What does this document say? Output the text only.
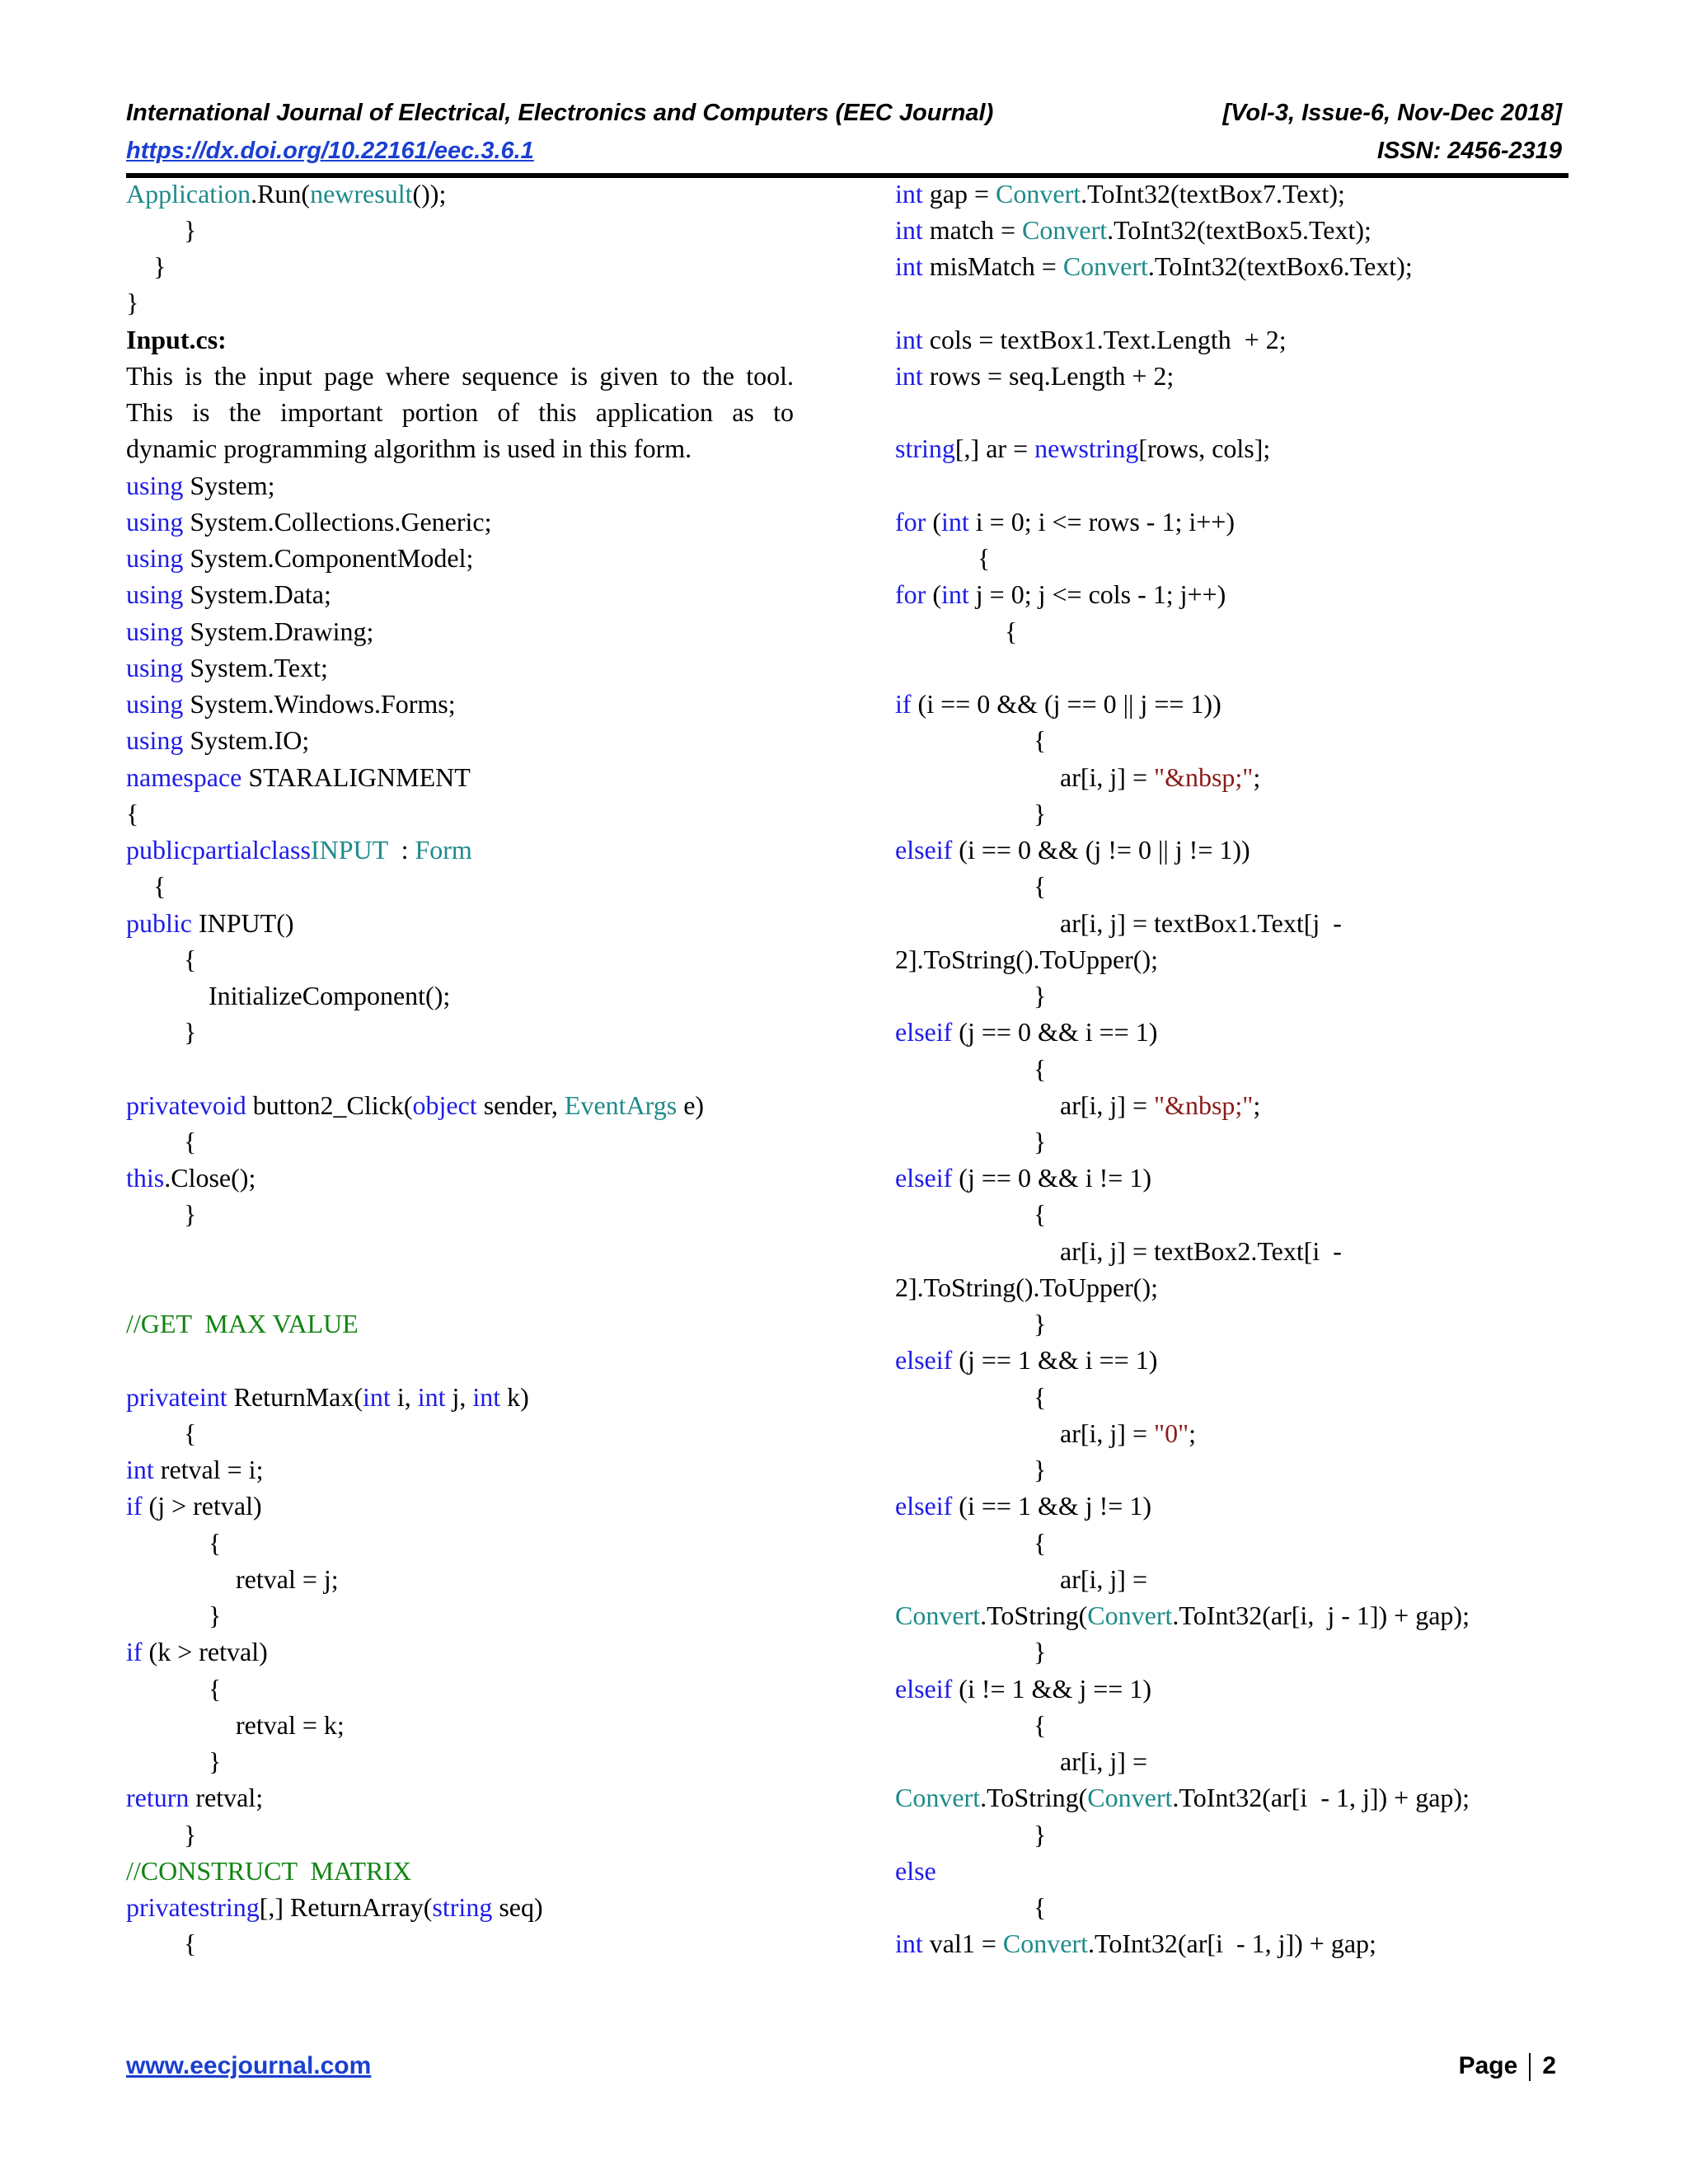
International Journal of Electrical, Electronics and Computers (EEC Journal)	[Vol-3, Issue-6, Nov-Dec 2018]
https://dx.doi.org/10.22161/eec.3.6.1	ISSN: 2456-2319
Application.Run(newresult());
}
}
}
Input.cs:
This is the input page where sequence is given to the tool.
This is the important portion of this application as to
dynamic programming algorithm is used in this form.
using System;
using System.Collections.Generic;
using System.ComponentModel;
using System.Data;
using System.Drawing;
using System.Text;
using System.Windows.Forms;
using System.IO;
namespace STARALIGNMENT
{
publicpartialclassINPUT  : Form
{
public INPUT()
{
InitializeComponent();
}
privatevoid button2_Click(object sender, EventArgs e)
{
this.Close();
}
//GET  MAX VALUE
privateint ReturnMax(int i, int j, int k)
{
int retval = i;
if (j > retval)
{
retval = j;
}
if (k > retval)
{
retval = k;
}
return retval;
}
//CONSTRUCT  MATRIX
privatestring[,] ReturnArray(string seq)
{
int gap = Convert.ToInt32(textBox7.Text);
int match = Convert.ToInt32(textBox5.Text);
int misMatch = Convert.ToInt32(textBox6.Text);
int cols = textBox1.Text.Length  + 2;
int rows = seq.Length + 2;
string[,] ar = newstring[rows, cols];
for (int i = 0; i <= rows - 1; i++)
{
for (int j = 0; j <= cols - 1; j++)
{
if (i == 0 && (j == 0 || j == 1))
{
ar[i, j] = "&nbsp;";
}
elseif (i == 0 && (j != 0 || j != 1))
{
ar[i, j] = textBox1.Text[j  -
2].ToString().ToUpper();
}
elseif (j == 0 && i == 1)
{
ar[i, j] = "&nbsp;";
}
elseif (j == 0 && i != 1)
{
ar[i, j] = textBox2.Text[i  -
2].ToString().ToUpper();
}
elseif (j == 1 && i == 1)
{
ar[i, j] = "0";
}
elseif (i == 1 && j != 1)
{
ar[i, j] =
Convert.ToString(Convert.ToInt32(ar[i,  j - 1]) + gap);
}
elseif (i != 1 && j == 1)
{
ar[i, j] =
Convert.ToString(Convert.ToInt32(ar[i  - 1, j]) + gap);
}
else
{
int val1 = Convert.ToInt32(ar[i  - 1, j]) + gap;
www.eecjournal.com	Page 2
